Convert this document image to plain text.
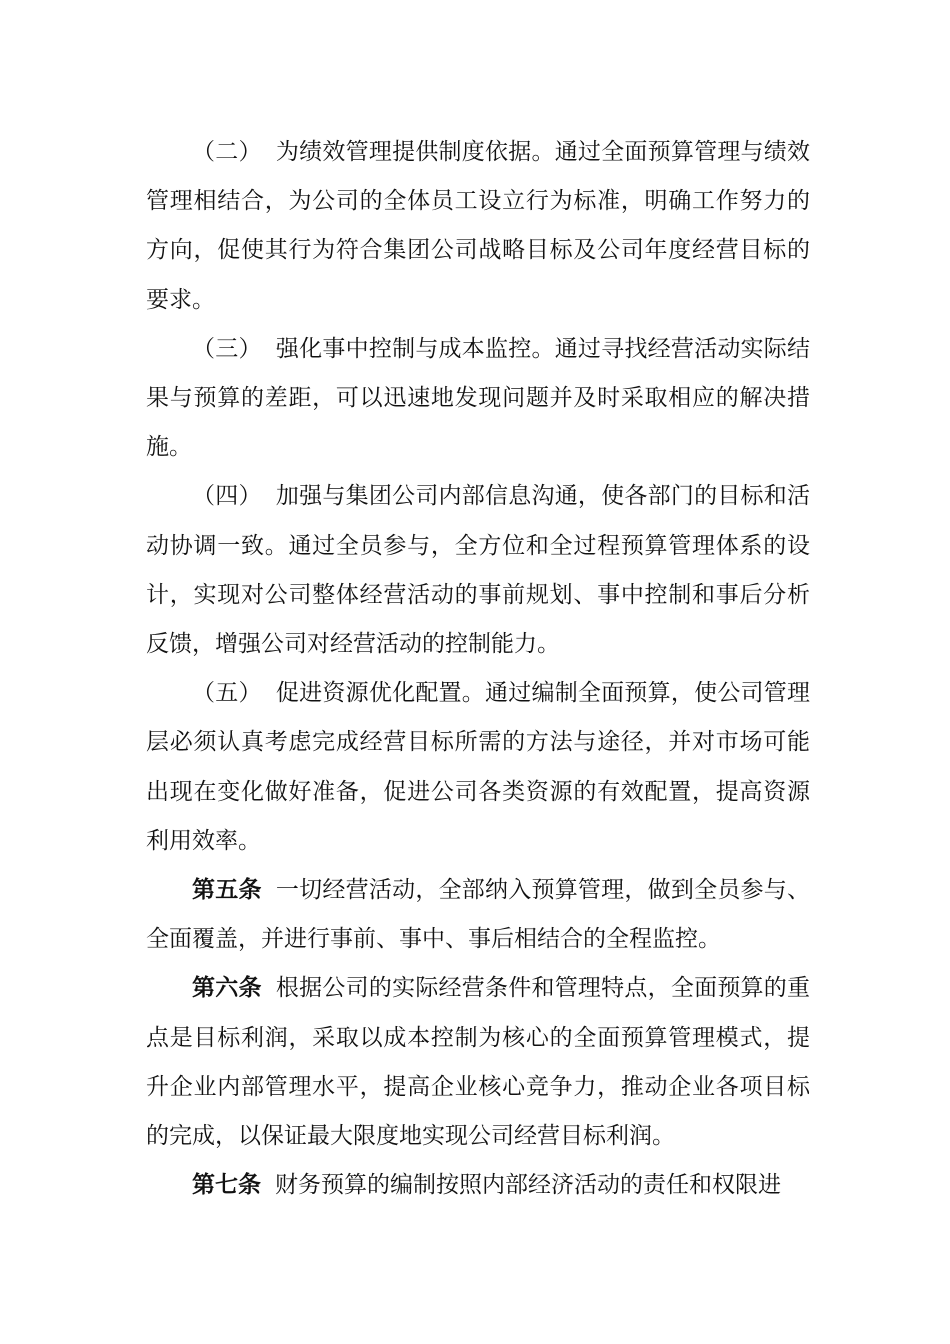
（二） 为绩效管理提供制度依据。通过全面预算管理与绩效管理相结合，为公司的全体员工设立行为标准，明确工作努力的方向，促使其行为符合集团公司战略目标及公司年度经营目标的要求。

（三） 强化事中控制与成本监控。通过寻找经营活动实际结果与预算的差距，可以迅速地发现问题并及时采取相应的解决措施。

（四） 加强与集团公司内部信息沟通，使各部门的目标和活动协调一致。通过全员参与，全方位和全过程预算管理体系的设计，实现对公司整体经营活动的事前规划、事中控制和事后分析反馈，增强公司对经营活动的控制能力。

（五） 促进资源优化配置。通过编制全面预算，使公司管理层必须认真考虑完成经营目标所需的方法与途径，并对市场可能出现在变化做好准备，促进公司各类资源的有效配置，提高资源利用效率。

第五条 一切经营活动，全部纳入预算管理，做到全员参与、全面覆盖，并进行事前、事中、事后相结合的全程监控。

第六条 根据公司的实际经营条件和管理特点，全面预算的重点是目标利润，采取以成本控制为核心的全面预算管理模式，提升企业内部管理水平，提高企业核心竞争力，推动企业各项目标的完成，以保证最大限度地实现公司经营目标利润。

第七条 财务预算的编制按照内部经济活动的责任和权限进
